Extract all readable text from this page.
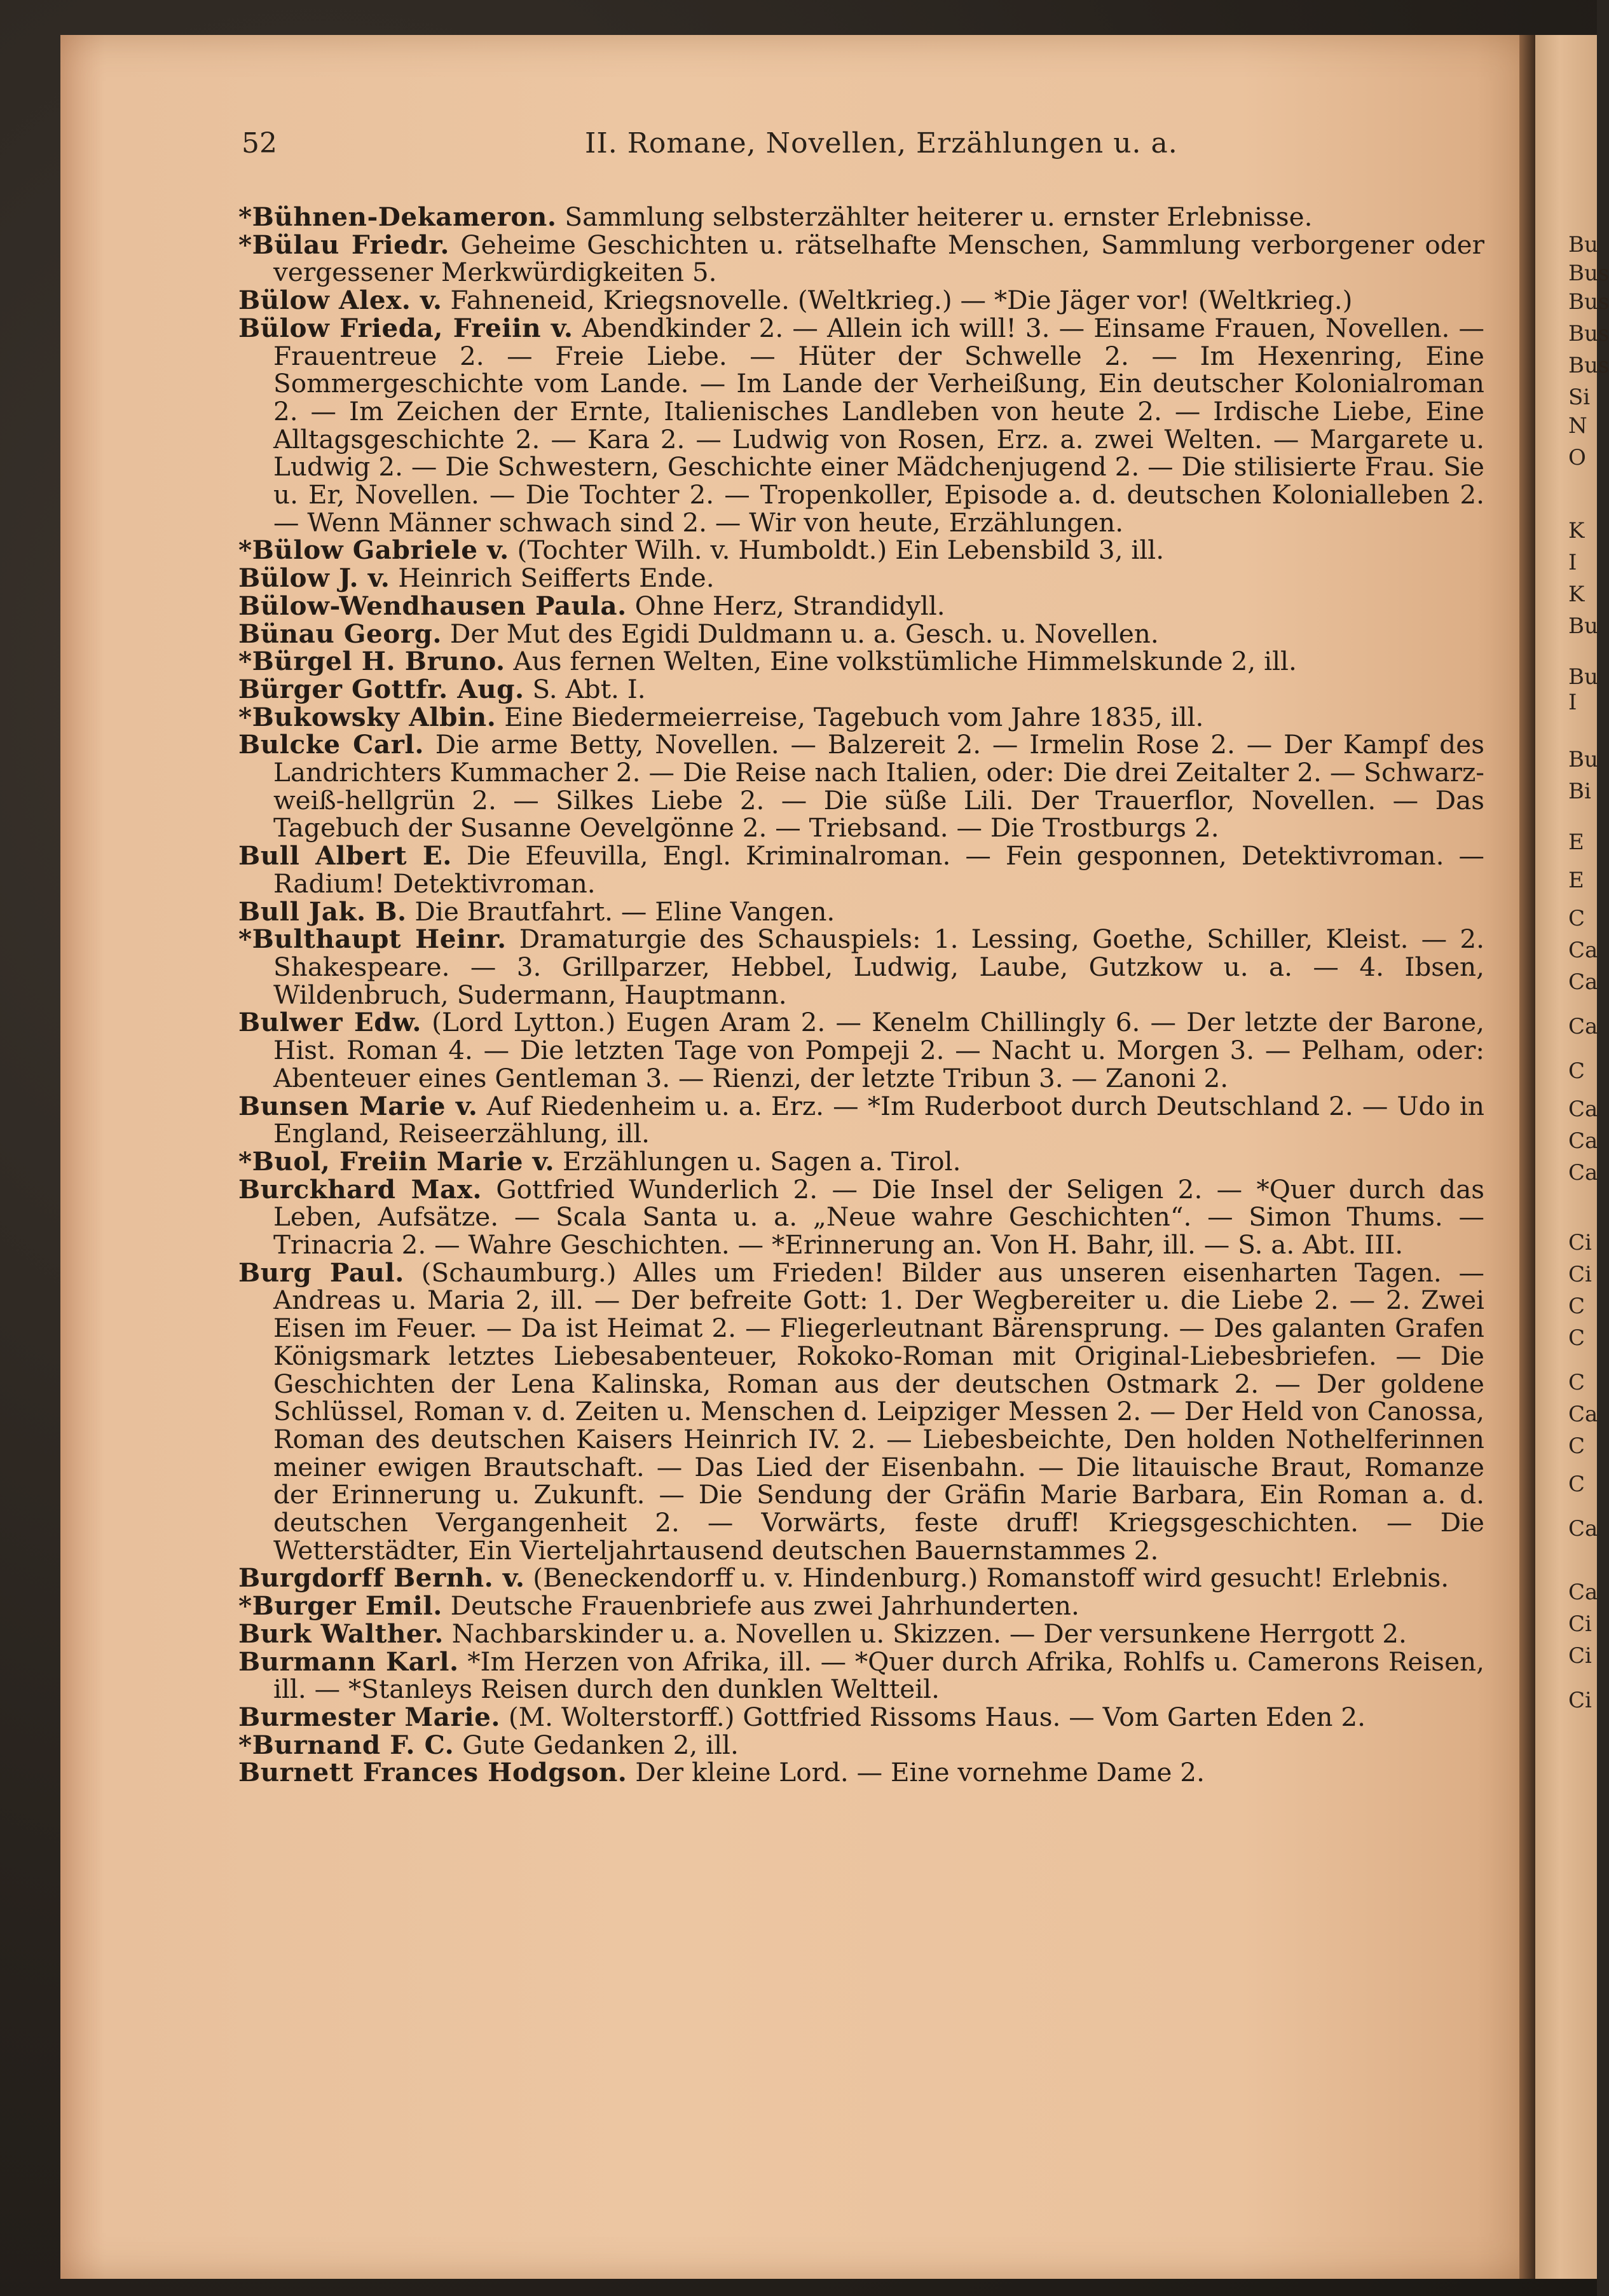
Bu
Bus
Bus
Bus
Bus
Si
N
O
K
I
K
Bu
Bu
I
Bu
Bi
E
E
C
Ca
Ca
Ca
C
Ca
Ca
Ca
Ci
Ci
C
C
C
Ca
C
C
Ca
Ca
Ci
Ci
Ci
52	II. Romane, Novellen, Erzählungen u. a.

*Bühnen-Dekameron. Sammlung selbsterzählter heiterer u. ernster Erlebnisse.

*Bülau Friedr. Geheime Geschichten u. rätselhafte Menschen, Sammlung verborgener oder vergessener Merkwürdigkeiten 5.

Bülow Alex. v. Fahneneid, Kriegsnovelle. (Weltkrieg.) — *Die Jäger vor! (Weltkrieg.)

Bülow Frieda, Freiin v. Abendkinder 2. — Allein ich will! 3. — Einsame Frauen, Novellen. — Frauentreue 2. — Freie Liebe. — Hüter der Schwelle 2. — Im Hexenring, Eine Sommergeschichte vom Lande. — Im Lande der Verheißung, Ein deutscher Kolonialroman 2. — Im Zeichen der Ernte, Italienisches Landleben von heute 2. — Irdische Liebe, Eine Alltagsgeschichte 2. — Kara 2. — Ludwig von Rosen, Erz. a. zwei Welten. — Margarete u. Ludwig 2. — Die Schwestern, Geschichte einer Mädchenjugend 2. — Die stilisierte Frau. Sie u. Er, Novellen. — Die Tochter 2. — Tropenkoller, Episode a. d. deutschen Kolonialleben 2. — Wenn Männer schwach sind 2. — Wir von heute, Erzählungen.

*Bülow Gabriele v. (Tochter Wilh. v. Humboldt.) Ein Lebensbild 3, ill.

Bülow J. v. Heinrich Seifferts Ende.

Bülow-Wendhausen Paula. Ohne Herz, Strandidyll.

Bünau Georg. Der Mut des Egidi Duldmann u. a. Gesch. u. Novellen.

*Bürgel H. Bruno. Aus fernen Welten, Eine volkstümliche Himmelskunde 2, ill.

Bürger Gottfr. Aug. S. Abt. I.

*Bukowsky Albin. Eine Biedermeierreise, Tagebuch vom Jahre 1835, ill.

Bulcke Carl. Die arme Betty, Novellen. — Balzereit 2. — Irmelin Rose 2. — Der Kampf des Landrichters Kummacher 2. — Die Reise nach Italien, oder: Die drei Zeitalter 2. — Schwarz-weiß-hellgrün 2. — Silkes Liebe 2. — Die süße Lili. Der Trauerflor, Novellen. — Das Tagebuch der Susanne Oevelgönne 2. — Triebsand. — Die Trostburgs 2.

Bull Albert E. Die Efeuvilla, Engl. Kriminalroman. — Fein gesponnen, Detektivroman. — Radium! Detektivroman.

Bull Jak. B. Die Brautfahrt. — Eline Vangen.

*Bulthaupt Heinr. Dramaturgie des Schauspiels: 1. Lessing, Goethe, Schiller, Kleist. — 2. Shakespeare. — 3. Grillparzer, Hebbel, Ludwig, Laube, Gutzkow u. a. — 4. Ibsen, Wildenbruch, Sudermann, Hauptmann.

Bulwer Edw. (Lord Lytton.) Eugen Aram 2. — Kenelm Chillingly 6. — Der letzte der Barone, Hist. Roman 4. — Die letzten Tage von Pompeji 2. — Nacht u. Morgen 3. — Pelham, oder: Abenteuer eines Gentleman 3. — Rienzi, der letzte Tribun 3. — Zanoni 2.

Bunsen Marie v. Auf Riedenheim u. a. Erz. — *Im Ruderboot durch Deutschland 2. — Udo in England, Reiseerzählung, ill.

*Buol, Freiin Marie v. Erzählungen u. Sagen a. Tirol.

Burckhard Max. Gottfried Wunderlich 2. — Die Insel der Seligen 2. — *Quer durch das Leben, Aufsätze. — Scala Santa u. a. „Neue wahre Geschichten“. — Simon Thums. — Trinacria 2. — Wahre Geschichten. — *Erinnerung an. Von H. Bahr, ill. — S. a. Abt. III.

Burg Paul. (Schaumburg.) Alles um Frieden! Bilder aus unseren eisenharten Tagen. — Andreas u. Maria 2, ill. — Der befreite Gott: 1. Der Wegbereiter u. die Liebe 2. — 2. Zwei Eisen im Feuer. — Da ist Heimat 2. — Fliegerleutnant Bärensprung. — Des galanten Grafen Königsmark letztes Liebesabenteuer, Rokoko-Roman mit Original-Liebesbriefen. — Die Geschichten der Lena Kalinska, Roman aus der deutschen Ostmark 2. — Der goldene Schlüssel, Roman v. d. Zeiten u. Menschen d. Leipziger Messen 2. — Der Held von Canossa, Roman des deutschen Kaisers Heinrich IV. 2. — Liebesbeichte, Den holden Nothelferinnen meiner ewigen Brautschaft. — Das Lied der Eisenbahn. — Die litauische Braut, Romanze der Erinnerung u. Zukunft. — Die Sendung der Gräfin Marie Barbara, Ein Roman a. d. deutschen Vergangenheit 2. — Vorwärts, feste druff! Kriegsgeschichten. — Die Wetterstädter, Ein Vierteljahrtausend deutschen Bauernstammes 2.

Burgdorff Bernh. v. (Beneckendorff u. v. Hindenburg.) Romanstoff wird gesucht! Erlebnis.

*Burger Emil. Deutsche Frauenbriefe aus zwei Jahrhunderten.

Burk Walther. Nachbarskinder u. a. Novellen u. Skizzen. — Der versunkene Herrgott 2.

Burmann Karl. *Im Herzen von Afrika, ill. — *Quer durch Afrika, Rohlfs u. Camerons Reisen, ill. — *Stanleys Reisen durch den dunklen Weltteil.

Burmester Marie. (M. Wolterstorff.) Gottfried Rissoms Haus. — Vom Garten Eden 2.

*Burnand F. C. Gute Gedanken 2, ill.

Burnett Frances Hodgson. Der kleine Lord. — Eine vornehme Dame 2.
